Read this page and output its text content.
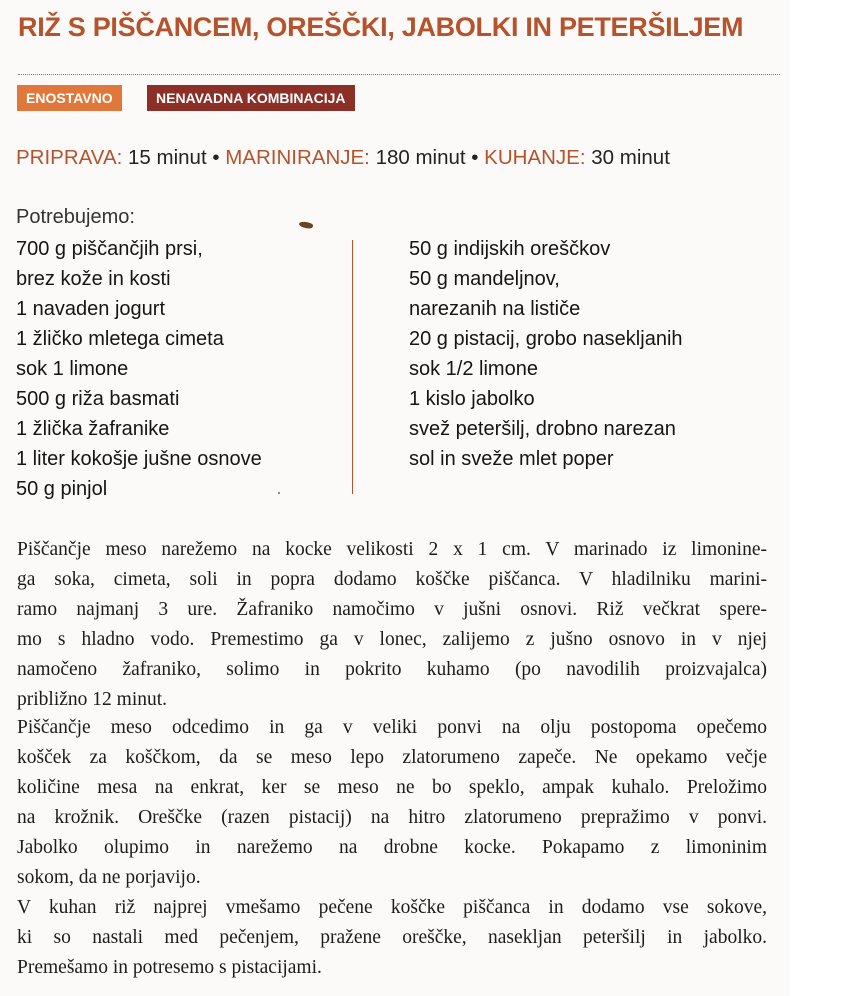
RIŽ S PIŠČANCEM, OREŠČKI, JABOLKI IN PETERŠILJEM
ENOSTAVNO	NENAVADNA KOMBINACIJA
PRIPRAVA: 15 minut • MARINIRANJE: 180 minut • KUHANJE: 30 minut
Potrebujemo:
700 g piščančjih prsi,
brez kože in kosti
1 navaden jogurt
1 žličko mletega cimeta
sok 1 limone
500 g riža basmati
1 žlička žafranike
1 liter kokošje jušne osnove
50 g pinjol
50 g indijskih oreščkov
50 g mandeljnov,
narezanih na lističe
20 g pistacij, grobo nasekljanih
sok 1/2 limone
1 kislo jabolko
svež peteršilj, drobno narezan
sol in sveže mlet poper
Piščančje meso narežemo na kocke velikosti 2 x 1 cm. V marinado iz limonine-
ga soka, cimeta, soli in popra dodamo koščke piščanca. V hladilniku marini-
ramo najmanj 3 ure. Žafraniko namočimo v jušni osnovi. Riž večkrat spere-
mo s hladno vodo. Premestimo ga v lonec, zalijemo z jušno osnovo in v njej
namočeno žafraniko, solimo in pokrito kuhamo (po navodilih proizvajalca)
približno 12 minut.
Piščančje meso odcedimo in ga v veliki ponvi na olju postopoma opečemo
košček za koščkom, da se meso lepo zlatorumeno zapeče. Ne opekamo večje
količine mesa na enkrat, ker se meso ne bo speklo, ampak kuhalo. Preložimo
na krožnik. Oreščke (razen pistacij) na hitro zlatorumeno prepražimo v ponvi.
Jabolko olupimo in narežemo na drobne kocke. Pokapamo z limoninim
sokom, da ne porjavijo.
V kuhan riž najprej vmešamo pečene koščke piščanca in dodamo vse sokove,
ki so nastali med pečenjem, pražene oreščke, nasekljan peteršilj in jabolko.
Premešamo in potresemo s pistacijami.
